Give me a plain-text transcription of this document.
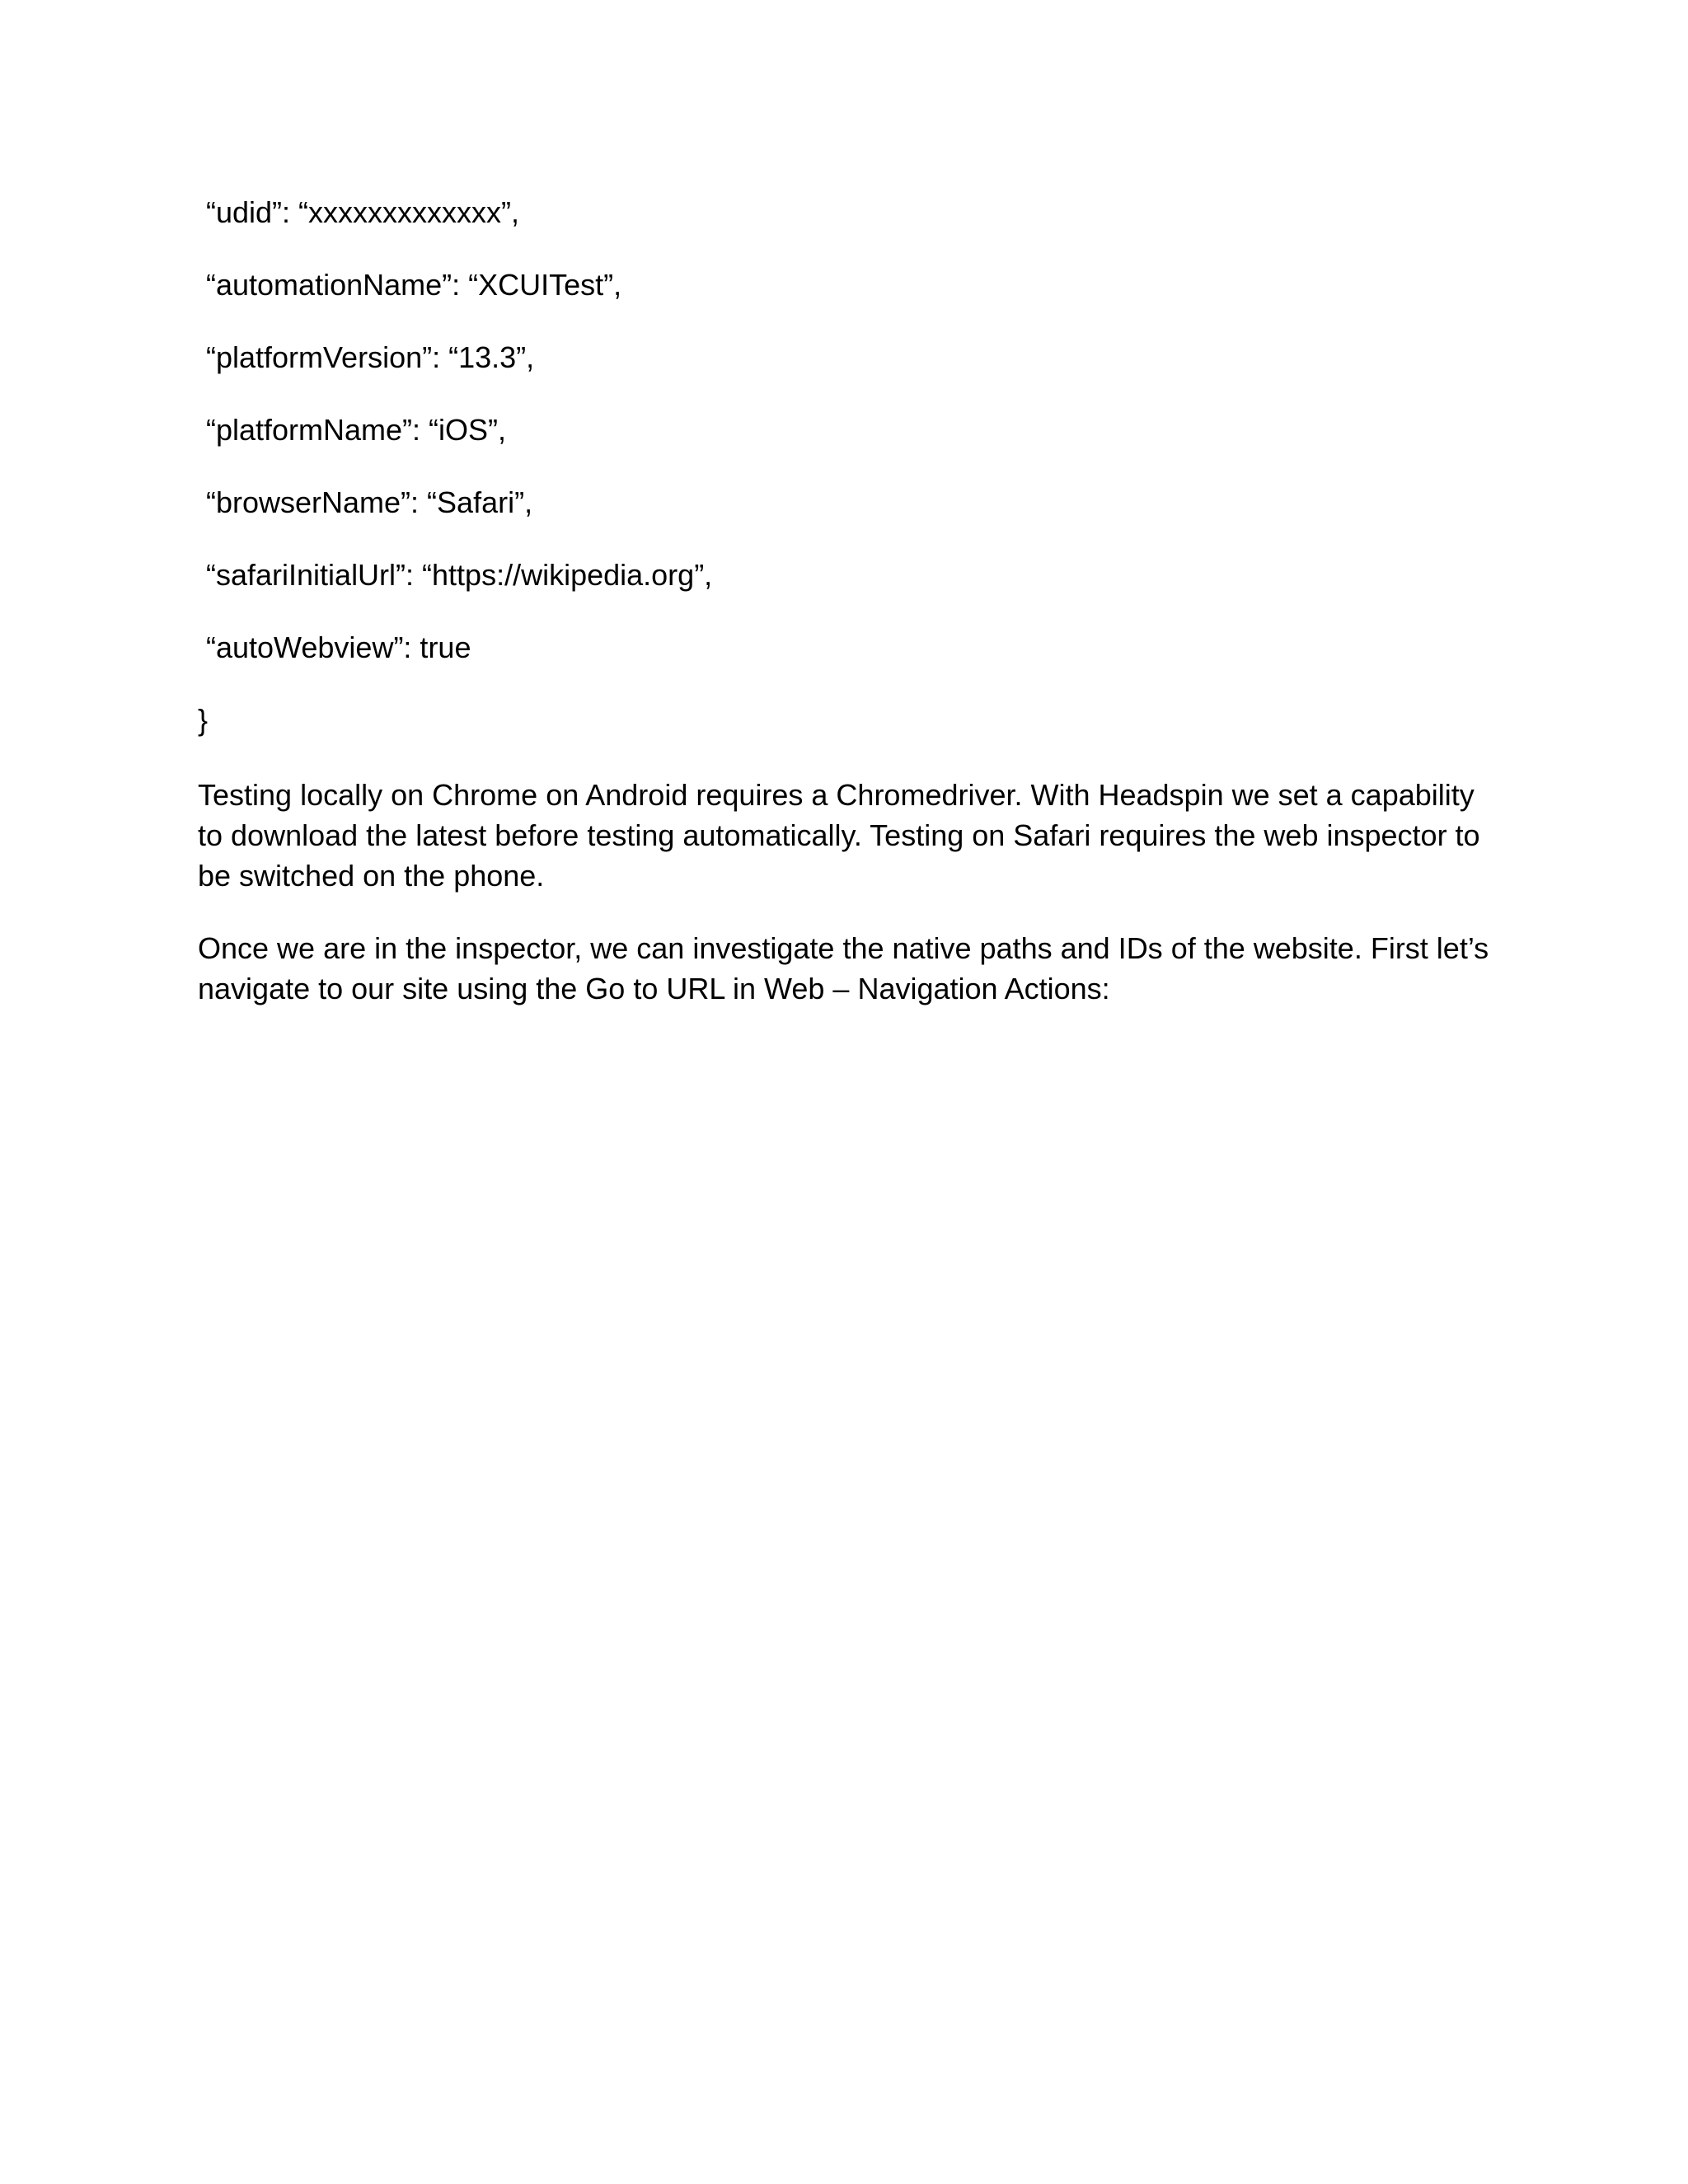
“udid”: “xxxxxxxxxxxxx”,
“automationName”: “XCUITest”,
“platformVersion”: “13.3”,
“platformName”: “iOS”,
“browserName”: “Safari”,
“safariInitialUrl”: “https://wikipedia.org”,
“autoWebview”: true
}

Testing locally on Chrome on Android requires a Chromedriver. With Headspin we set a capability to download the latest before testing automatically. Testing on Safari requires the web inspector to be switched on the phone.

Once we are in the inspector, we can investigate the native paths and IDs of the website. First let’s navigate to our site using the Go to URL in Web – Navigation Actions:
